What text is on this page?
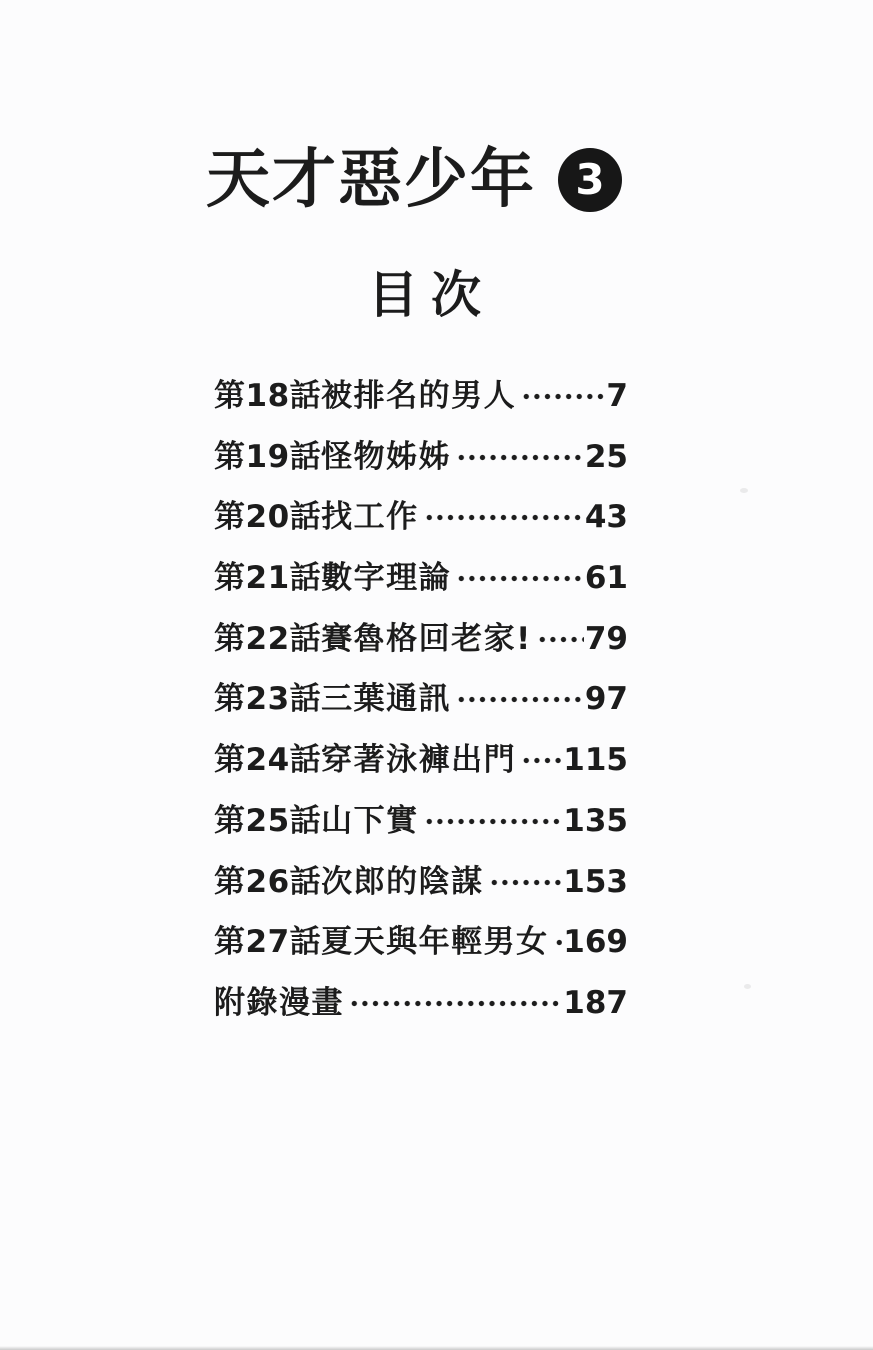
天才惡少年 3
目次
第18話 被排名的男人	7
第19話 怪物姊姊	25
第20話 找工作	43
第21話 數字理論	61
第22話 賽魯格回老家! 79
第23話 三葉通訊	97
第24話 穿著泳褲出門 115
第25話 山下實	135
第26話 次郎的陰謀	153
第27話 夏天與年輕男女 169
附錄漫畫	187
